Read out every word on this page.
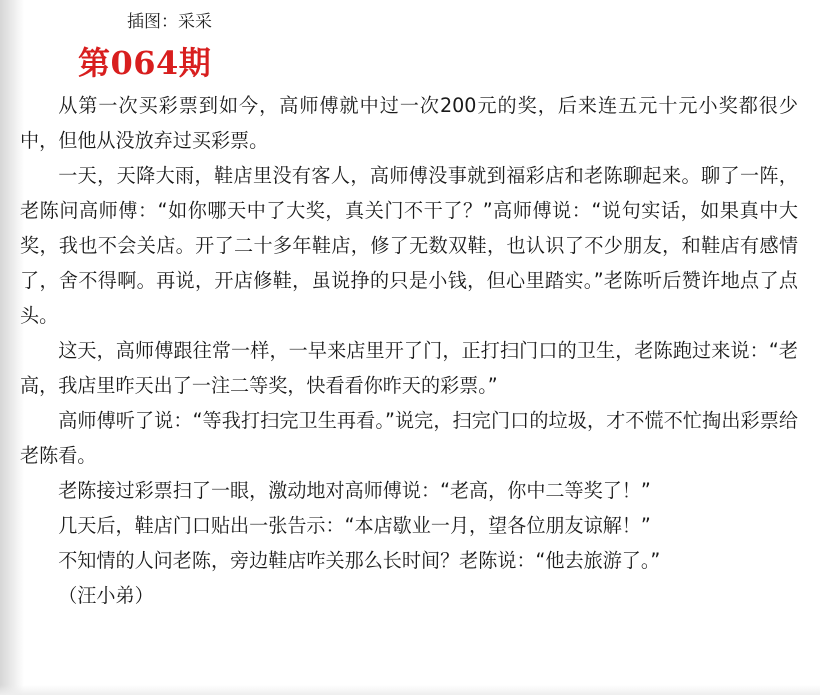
插图：采采
第064期

从第一次买彩票到如今，高师傅就中过一次200元的奖，后来连五元十元小奖都很少中，但他从没放弃过买彩票。

一天，天降大雨，鞋店里没有客人，高师傅没事就到福彩店和老陈聊起来。聊了一阵，老陈问高师傅：“如你哪天中了大奖，真关门不干了？”高师傅说：“说句实话，如果真中大奖，我也不会关店。开了二十多年鞋店，修了无数双鞋，也认识了不少朋友，和鞋店有感情了，舍不得啊。再说，开店修鞋，虽说挣的只是小钱，但心里踏实。”老陈听后赞许地点了点头。

这天，高师傅跟往常一样，一早来店里开了门，正打扫门口的卫生，老陈跑过来说：“老高，我店里昨天出了一注二等奖，快看看你昨天的彩票。”

高师傅听了说：“等我打扫完卫生再看。”说完，扫完门口的垃圾，才不慌不忙掏出彩票给老陈看。

老陈接过彩票扫了一眼，激动地对高师傅说：“老高，你中二等奖了！”

几天后，鞋店门口贴出一张告示：“本店歇业一月，望各位朋友谅解！”

不知情的人问老陈，旁边鞋店咋关那么长时间？老陈说：“他去旅游了。”

（汪小弟）
